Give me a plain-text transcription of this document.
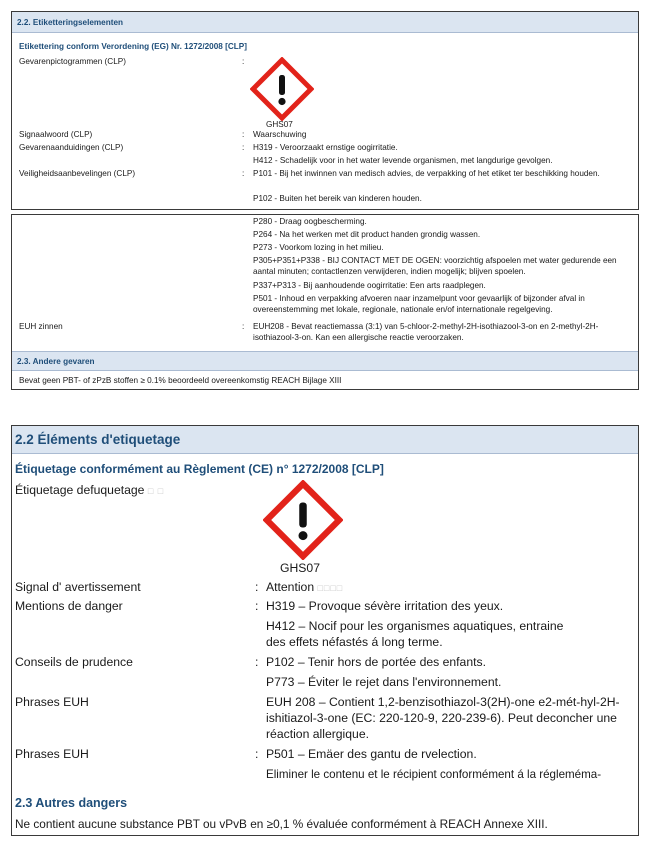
2.2. Etiketteringselementen
Etikettering conform Verordening (EG) Nr. 1272/2008 [CLP]
Gevarenpictogrammen (CLP)	:
GHS07
Signaalwoord (CLP)	: Waarschuwing
Gevarenaanduidingen (CLP)	: H319 - Veroorzaakt ernstige oogirritatie.
H412 - Schadelijk voor in het water levende organismen, met langdurige gevolgen.
Veiligheidsaanbevelingen (CLP)	: P101 - Bij het inwinnen van medisch advies, de verpakking of het etiket ter beschikking houden.
P102 - Buiten het bereik van kinderen houden.
P280 - Draag oogbescherming.
P264 - Na het werken met dit product handen grondig wassen.
P273 - Voorkom lozing in het milieu.
P305+P351+P338 - BIJ CONTACT MET DE OGEN: voorzichtig afspoelen met water gedurende een aantal minuten; contactlenzen verwijderen, indien mogelijk; blijven spoelen.
P337+P313 - Bij aanhoudende oogirritatie: Een arts raadplegen.
P501 - Inhoud en verpakking afvoeren naar inzamelpunt voor gevaarlijk of bijzonder afval in overeenstemming met lokale, regionale, nationale en/of internationale regelgeving.
EUH zinnen	: EUH208 - Bevat reactiemassa (3:1) van 5-chloor-2-methyl-2H-isothiazool-3-on en 2-methyl-2H-isothiazool-3-on. Kan een allergische reactie veroorzaken.
2.3. Andere gevaren
Bevat geen PBT- of zPzB stoffen ≥ 0.1% beoordeeld overeenkomstig REACH Bijlage XIII
2.2 Éléments d'etiquetage
Étiquetage conformément au Règlement (CE) n° 1272/2008 [CLP]
Étiquetage defuquetage □ □
GHS07
Signal d' avertissement	: Attention □□□□
Mentions de danger	: H319 – Provoque sévère irritation des yeux.
H412 – Nocif pour les organismes aquatiques, entraine des effets néfastés á long terme.
Conseils de prudence	: P102 – Tenir hors de portée des enfants.
P773 – Éviter le rejet dans l'environnement.
Phrases EUH	EUH 208 – Contient 1,2-benzisothiazol-3(2H)-one e2-mét-hyl-2H-ishitiazol-3-one (EC: 220-120-9, 220-239-6). Peut deconcher une réaction allergique.
Phrases EUH	: P501 – Emäer des gantu de rvelection.
Eliminer le contenu et le récipient conformément á la régleméma-
2.3 Autres dangers
Ne contient aucune substance PBT ou vPvB en ≥0,1 % évaluée conformément à REACH Annexe XIII.
